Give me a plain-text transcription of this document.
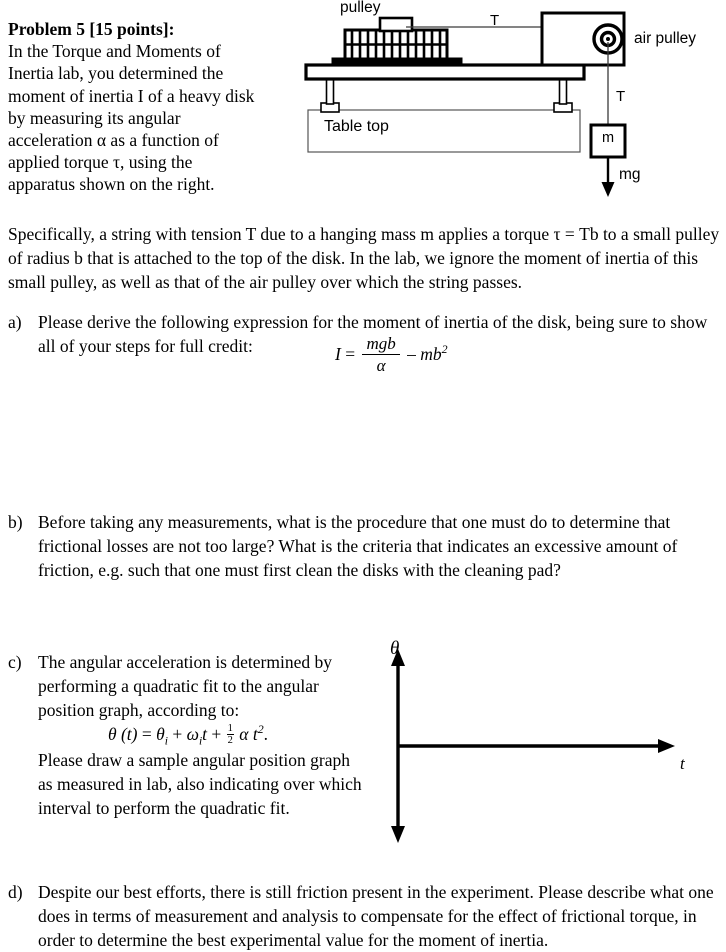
Problem 5 [15 points]:
In the Torque and Moments of Inertia lab, you determined the moment of inertia I of a heavy disk by measuring its angular acceleration α as a function of applied torque τ, using the apparatus shown on the right.
pulley
T
air pulley
T
m
mg
Table top
Specifically, a string with tension T due to a hanging mass m applies a torque τ = Tb to a small pulley of radius b that is attached to the top of the disk. In the lab, we ignore the moment of inertia of this small pulley, as well as that of the air pulley over which the string passes.
a) Please derive the following expression for the moment of inertia of the disk, being sure to show all of your steps for full credit:	$I = \frac{\text{mgb}}{\alpha} - mb^2$
b) Before taking any measurements, what is the procedure that one must do to determine that frictional losses are not too large? What is the criteria that indicates an excessive amount of friction, e.g. such that one must first clean the disks with the cleaning pad?
c) The angular acceleration is determined by performing a quadratic fit to the angular position graph, according to:
Please draw a sample angular position graph as measured in lab, also indicating over which interval to perform the quadratic fit.
θ $(t) = \theta_i + \omega_it + \frac{1}{2}$ α $t^2$.
θ
t
d) Despite our best efforts, there is still friction present in the experiment. Please describe what one does in terms of measurement and analysis to compensate for the effect of frictional torque, in order to determine the best experimental value for the moment of inertia.
